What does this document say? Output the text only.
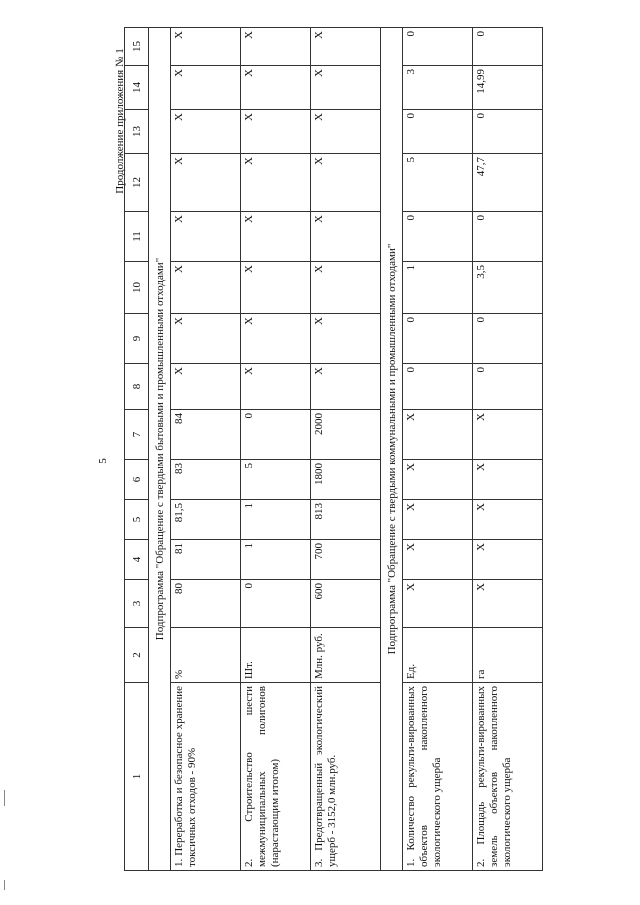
5
Продолжение приложения № 1
1	2	3	4	5	6	7	8	9	10	11	12	13	14	15
Подпрограмма "Обращение с твердыми бытовыми и промышленными отходами"														
1. Переработка и безопасное хранение токсичных отходов - 90%	%	80	81	81,5	83	84	X	X	X	X	X	X	X	X
2. Строительство шести межмуниципальных полигонов (нарастающим итогом)	Шт.	0	1	1	5	0	X	X	X	X	X	X	X	X
3. Предотвращенный экологический ущерб - 3152,0 млн.руб.	Млн. руб.	600	700	813	1800	2000	X	X	X	X	X	X	X	X
Подпрограмма "Обращение с твердыми коммунальными и промышленными отходами"														
1. Количество рекульти-вированных объектов накопленного экологического ущерба	Ед.	X	X	X	X	X	0	0	1	0	5	0	3	0
2. Площадь рекульти-вированных земель объектов накопленного экологического ущерба	га	X	X	X	X	X	0	0	3,5	0	47,7	0	14,99	0
